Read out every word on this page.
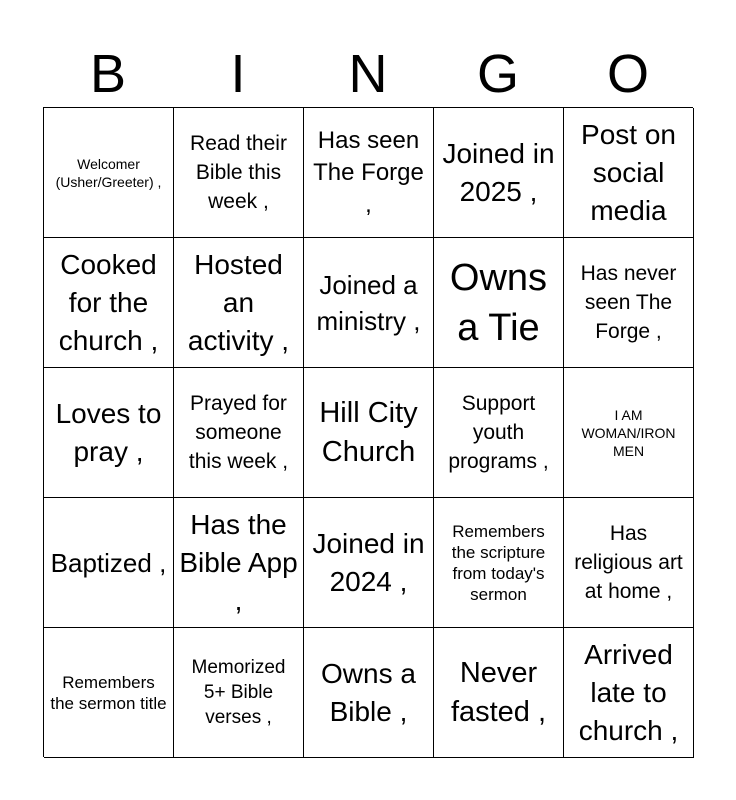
B	I	N	G	O
Welcomer (Usher/Greeter) ,
Read their Bible this week ,
Has seen The Forge ,
Joined in 2025 ,
Post on social media
Cooked for the church ,
Hosted an activity ,
Joined a ministry ,
Owns a Tie
Has never seen The Forge ,
Loves to pray ,
Prayed for someone this week ,
Hill City Church
Support youth programs ,
I AM WOMAN/IRON MEN
Baptized ,
Has the Bible App ,
Joined in 2024 ,
Remembers the scripture from today's sermon
Has religious art at home ,
Remembers the sermon title
Memorized 5+ Bible verses ,
Owns a Bible ,
Never fasted ,
Arrived late to church ,
